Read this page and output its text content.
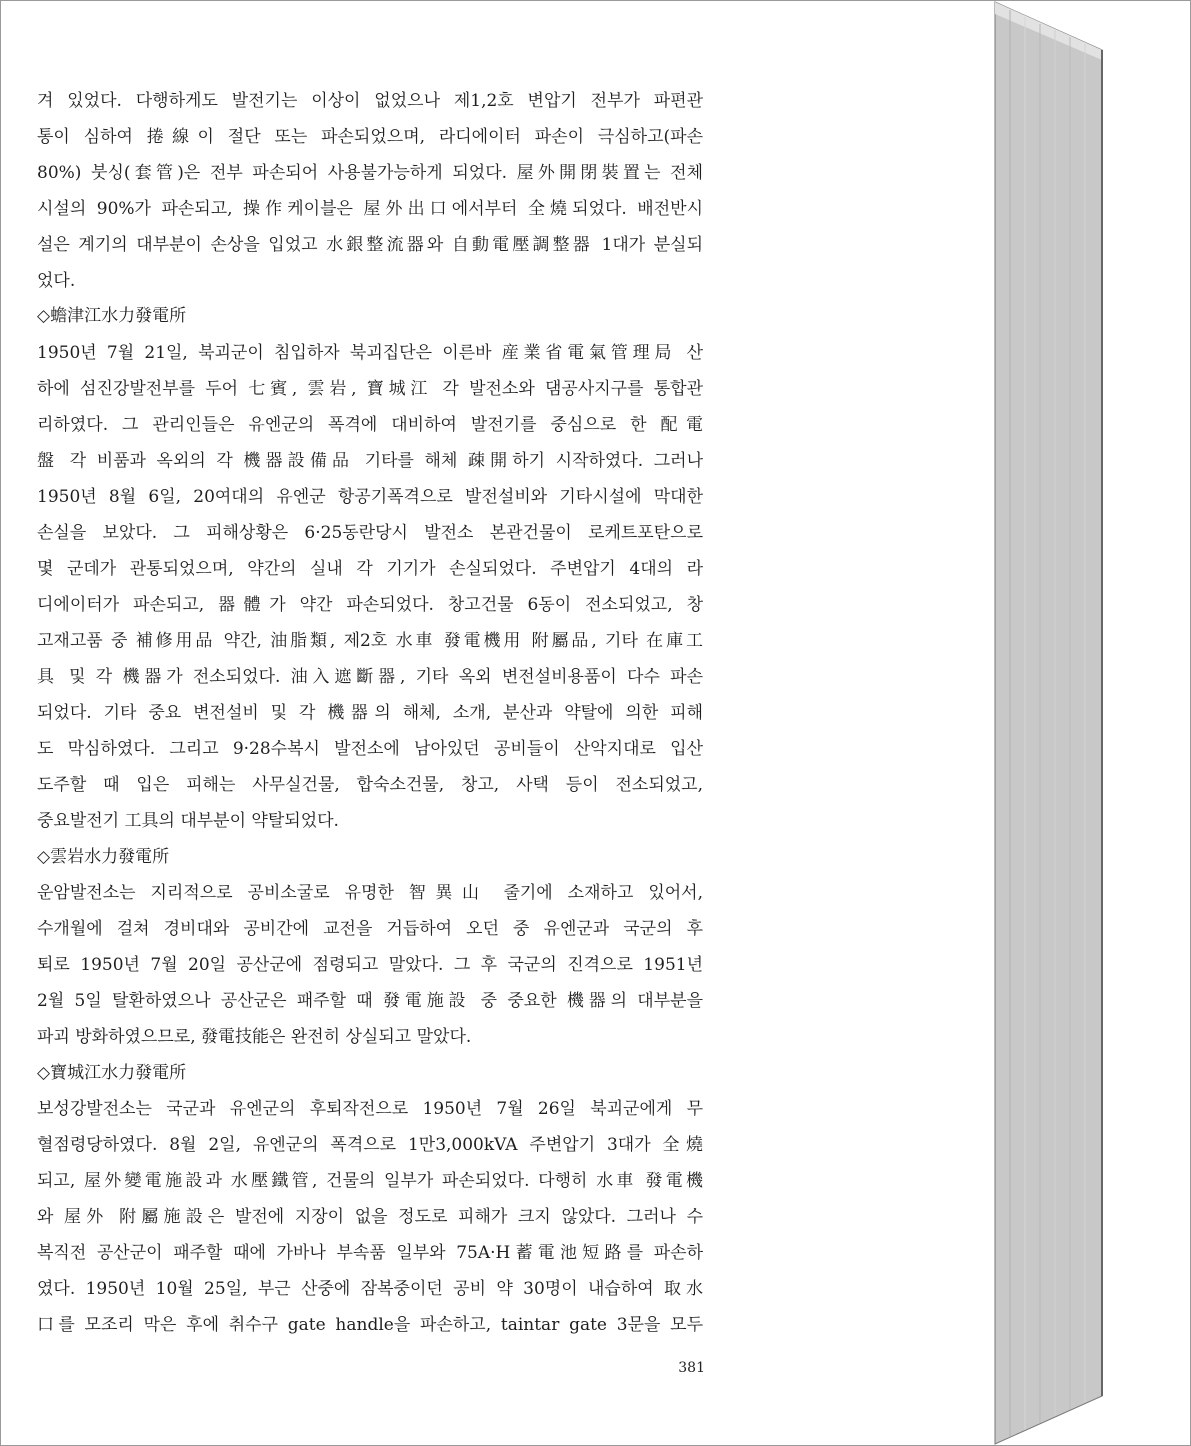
겨 있었다. 다행하게도 발전기는 이상이 없었으나 제1,2호 변압기 전부가 파편관
통이 심하여 捲線이 절단 또는 파손되었으며, 라디에이터 파손이 극심하고(파손
80%) 붓싱(套管)은 전부 파손되어 사용불가능하게 되었다. 屋外開閉裝置는 전체
시설의 90%가 파손되고, 操作케이블은 屋外出口에서부터 全燒되었다. 배전반시
설은 계기의 대부분이 손상을 입었고 水銀整流器와 自動電壓調整器 1대가 분실되
었다.
◇蟾津江水力發電所
1950년 7월 21일, 북괴군이 침입하자 북괴집단은 이른바 産業省電氣管理局 산
하에 섬진강발전부를 두어 七賓, 雲岩, 寶城江 각 발전소와 댐공사지구를 통합관
리하였다. 그 관리인들은 유엔군의 폭격에 대비하여 발전기를 중심으로 한 配電
盤 각 비품과 옥외의 각 機器設備品 기타를 해체 疎開하기 시작하였다. 그러나
1950년 8월 6일, 20여대의 유엔군 항공기폭격으로 발전설비와 기타시설에 막대한
손실을 보았다. 그 피해상황은 6·25동란당시 발전소 본관건물이 로케트포탄으로
몇 군데가 관통되었으며, 약간의 실내 각 기기가 손실되었다. 주변압기 4대의 라
디에이터가 파손되고, 器體가 약간 파손되었다. 창고건물 6동이 전소되었고, 창
고재고품 중 補修用品 약간, 油脂類, 제2호 水車 發電機用 附屬品, 기타 在庫工
具 및 각 機器가 전소되었다. 油入遮斷器, 기타 옥외 변전설비용품이 다수 파손
되었다. 기타 중요 변전설비 및 각 機器의 해체, 소개, 분산과 약탈에 의한 피해
도 막심하였다. 그리고 9·28수복시 발전소에 남아있던 공비들이 산악지대로 입산
도주할 때 입은 피해는 사무실건물, 합숙소건물, 창고, 사택 등이 전소되었고,
중요발전기 工具의 대부분이 약탈되었다.
◇雲岩水力發電所
운암발전소는 지리적으로 공비소굴로 유명한 智異山 줄기에 소재하고 있어서,
수개월에 걸쳐 경비대와 공비간에 교전을 거듭하여 오던 중 유엔군과 국군의 후
퇴로 1950년 7월 20일 공산군에 점령되고 말았다. 그 후 국군의 진격으로 1951년
2월 5일 탈환하였으나 공산군은 패주할 때 發電施設 중 중요한 機器의 대부분을
파괴 방화하였으므로, 發電技能은 완전히 상실되고 말았다.
◇寶城江水力發電所
보성강발전소는 국군과 유엔군의 후퇴작전으로 1950년 7월 26일 북괴군에게 무
혈점령당하였다. 8월 2일, 유엔군의 폭격으로 1만3,000kVA 주변압기 3대가 全燒
되고, 屋外變電施設과 水壓鐵管, 건물의 일부가 파손되었다. 다행히 水車 發電機
와 屋外 附屬施設은 발전에 지장이 없을 정도로 피해가 크지 않았다. 그러나 수
복직전 공산군이 패주할 때에 가바나 부속품 일부와 75A·H蓄電池短路를 파손하
였다. 1950년 10월 25일, 부근 산중에 잠복중이던 공비 약 30명이 내습하여 取水
口를 모조리 막은 후에 취수구 gate handle을 파손하고, taintar gate 3문을 모두
381
